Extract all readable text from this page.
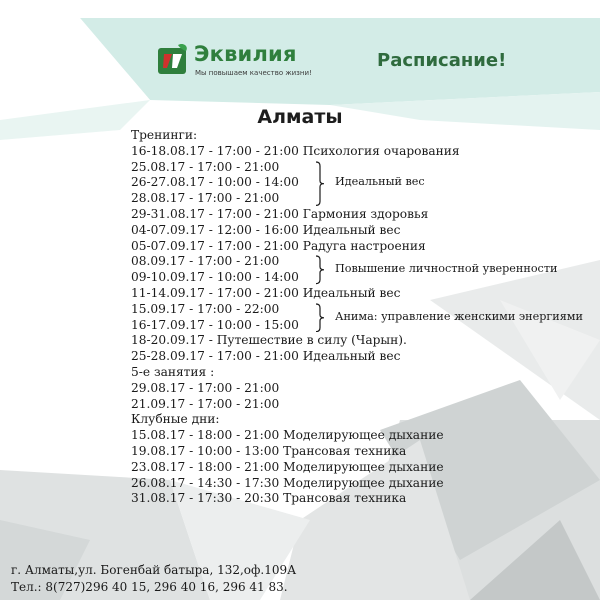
Эквилия
Мы повышаем качество жизни!
Расписание!
Алматы
Тренинги:
16-18.08.17 - 17:00 - 21:00 Психология очарования
25.08.17 - 17:00 - 21:00
26-27.08.17 - 10:00 - 14:00
28.08.17 - 17:00 - 21:00
29-31.08.17 - 17:00 - 21:00 Гармония здоровья
04-07.09.17 - 12:00 - 16:00 Идеальный вес
05-07.09.17 - 17:00 - 21:00 Радуга настроения
08.09.17 - 17:00 - 21:00
09-10.09.17 - 10:00 - 14:00
11-14.09.17 - 17:00 - 21:00 Идеальный вес
15.09.17 - 17:00 - 22:00
16-17.09.17 - 10:00 - 15:00
18-20.09.17 - Путешествие в силу (Чарын).
25-28.09.17 - 17:00 - 21:00 Идеальный вес
5-е занятия :
29.08.17 - 17:00 - 21:00
21.09.17 - 17:00 - 21:00
Клубные дни:
15.08.17 - 18:00 - 21:00 Моделирующее дыхание
19.08.17 - 10:00 - 13:00 Трансовая техника
23.08.17 - 18:00 - 21:00 Моделирующее дыхание
26.08.17 - 14:30 - 17:30 Моделирующее дыхание
31.08.17 - 17:30 - 20:30 Трансовая техника
Идеальный вес
Повышение личностной уверенности
Анима: управление женскими энергиями
г. Алматы,ул. Богенбай батыра, 132,оф.109А
Тел.: 8(727)296 40 15, 296 40 16, 296 41 83.
